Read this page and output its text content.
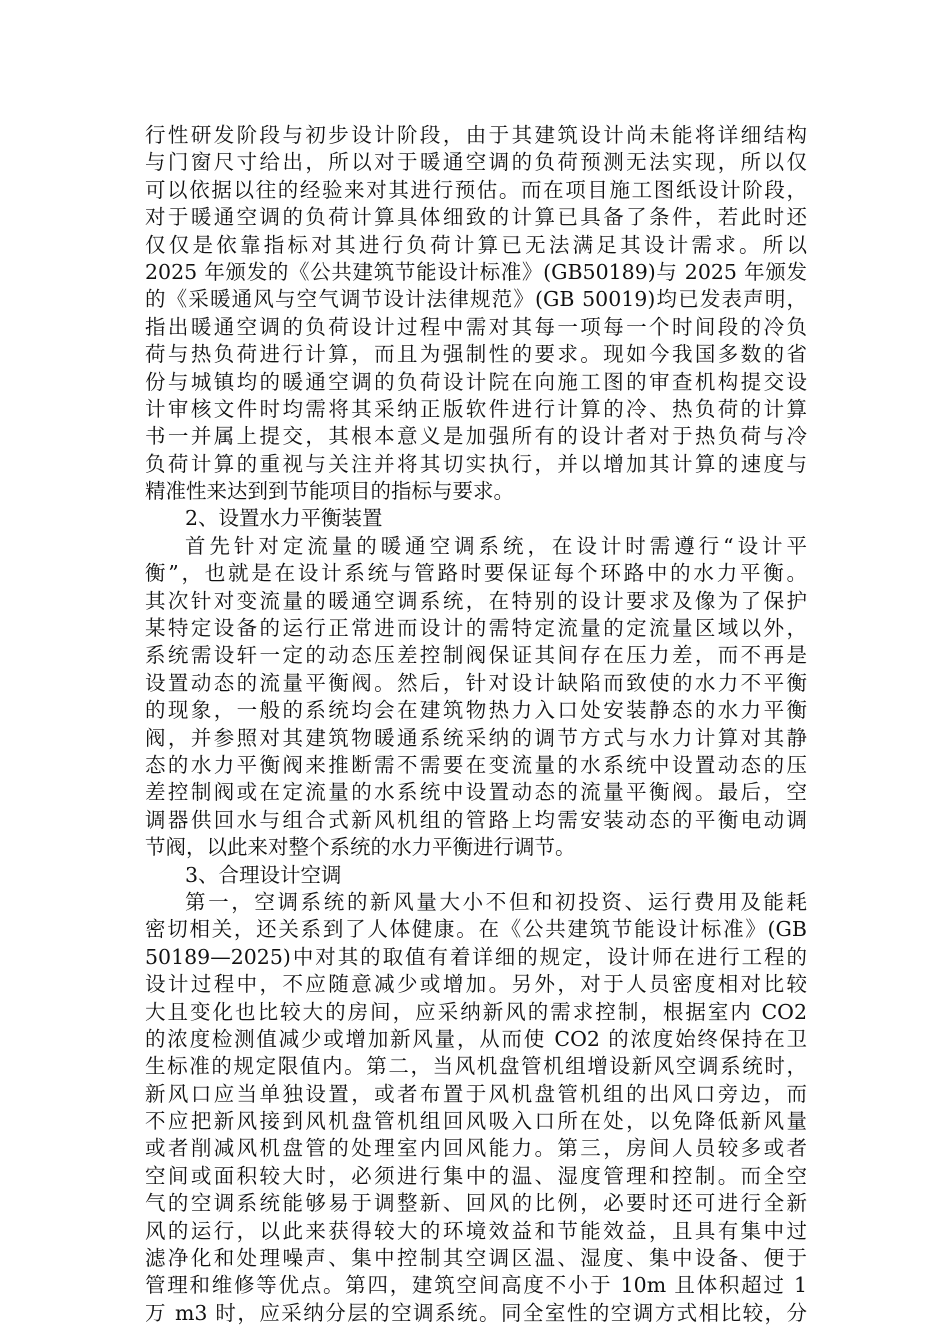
行性研发阶段与初步设计阶段，由于其建筑设计尚未能将详细结构
与门窗尺寸给出，所以对于暖通空调的负荷预测无法实现，所以仅
可以依据以往的经验来对其进行预估。而在项目施工图纸设计阶段，
对于暖通空调的负荷计算具体细致的计算已具备了条件，若此时还
仅仅是依靠指标对其进行负荷计算已无法满足其设计需求。所以
2025 年颁发的《公共建筑节能设计标准》(GB50189)与 2025 年颁发
的《采暖通风与空气调节设计法律规范》(GB 50019)均已发表声明，
指出暖通空调的负荷设计过程中需对其每一项每一个时间段的冷负
荷与热负荷进行计算，而且为强制性的要求。现如今我国多数的省
份与城镇均的暖通空调的负荷设计院在向施工图的审查机构提交设
计审核文件时均需将其采纳正版软件进行计算的冷、热负荷的计算
书一并属上提交，其根本意义是加强所有的设计者对于热负荷与冷
负荷计算的重视与关注并将其切实执行，并以增加其计算的速度与
精准性来达到到节能项目的指标与要求。
2、设置水力平衡装置
首先针对定流量的暖通空调系统，在设计时需遵行“设计平
衡”，也就是在设计系统与管路时要保证每个环路中的水力平衡。
其次针对变流量的暖通空调系统，在特别的设计要求及像为了保护
某特定设备的运行正常进而设计的需特定流量的定流量区域以外，
系统需设轩一定的动态压差控制阀保证其间存在压力差，而不再是
设置动态的流量平衡阀。然后，针对设计缺陷而致使的水力不平衡
的现象，一般的系统均会在建筑物热力入口处安装静态的水力平衡
阀，并参照对其建筑物暖通系统采纳的调节方式与水力计算对其静
态的水力平衡阀来推断需不需要在变流量的水系统中设置动态的压
差控制阀或在定流量的水系统中设置动态的流量平衡阀。最后，空
调器供回水与组合式新风机组的管路上均需安装动态的平衡电动调
节阀，以此来对整个系统的水力平衡进行调节。
3、合理设计空调
第一，空调系统的新风量大小不但和初投资、运行费用及能耗
密切相关，还关系到了人体健康。在《公共建筑节能设计标准》(GB
50189—2025)中对其的取值有着详细的规定，设计师在进行工程的
设计过程中，不应随意减少或增加。另外，对于人员密度相对比较
大且变化也比较大的房间，应采纳新风的需求控制，根据室内 CO2
的浓度检测值减少或增加新风量，从而使 CO2 的浓度始终保持在卫
生标准的规定限值内。第二，当风机盘管机组增设新风空调系统时，
新风口应当单独设置，或者布置于风机盘管机组的出风口旁边，而
不应把新风接到风机盘管机组回风吸入口所在处，以免降低新风量
或者削减风机盘管的处理室内回风能力。第三，房间人员较多或者
空间或面积较大时，必须进行集中的温、湿度管理和控制。而全空
气的空调系统能够易于调整新、回风的比例，必要时还可进行全新
风的运行，以此来获得较大的环境效益和节能效益，且具有集中过
滤净化和处理噪声、集中控制其空调区温、湿度、集中设备、便于
管理和维修等优点。第四，建筑空间高度不小于 10m 且体积超过 1
万 m3 时，应采纳分层的空调系统。同全室性的空调方式相比较，分
